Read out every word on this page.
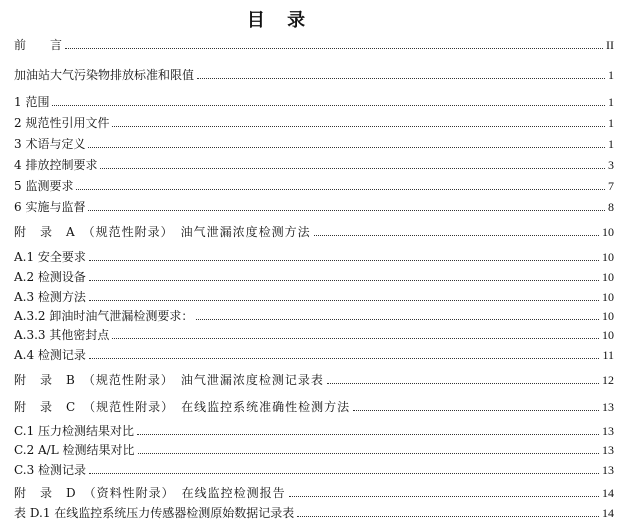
目 录
前　　言	II
加油站大气污染物排放标准和限值	1
1 范围	1
2 规范性引用文件	1
3 术语与定义	1
4 排放控制要求	3
5 监测要求	7
6 实施与监督	8
附　录　A　（规范性附录）　油气泄漏浓度检测方法	10
A.1 安全要求	10
A.2 检测设备	10
A.3 检测方法	10
A.3.2 卸油时油气泄漏检测要求：	10
A.3.3 其他密封点	10
A.4 检测记录	11
附　录　B　（规范性附录）　油气泄漏浓度检测记录表	12
附　录　C　（规范性附录）　在线监控系统准确性检测方法	13
C.1 压力检测结果对比	13
C.2 A/L 检测结果对比	13
C.3 检测记录	13
附　录　D　（资料性附录）　在线监控检测报告	14
表 D.1 在线监控系统压力传感器检测原始数据记录表	14
